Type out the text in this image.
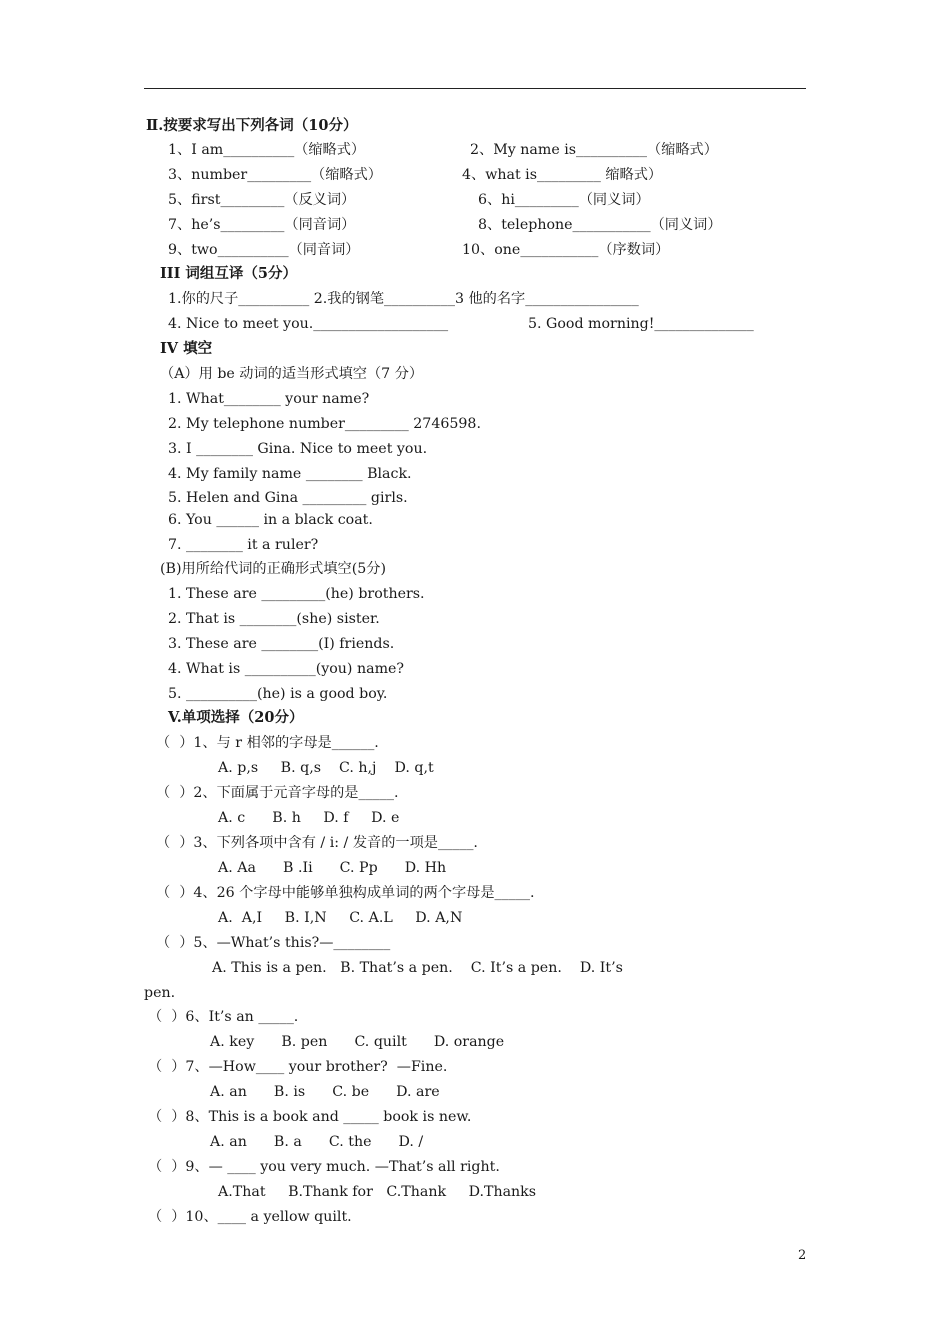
Ⅱ.按要求写出下列各词（10分）
1、I am__________（缩略式）	2、My name is__________（缩略式）
3、number_________（缩略式）	4、what is_________ 缩略式）
5、first_________（反义词）	6、hi_________（同义词）
7、he’s_________（同音词）	8、telephone___________（同义词）
9、two__________（同音词）	10、one___________（序数词）
III 词组互译（5分）
1.你的尺子__________ 2.我的钢笔__________3 他的名字________________
4. Nice to meet you.___________________	5. Good morning!______________
IV 填空
（A）用 be 动词的适当形式填空（7 分）
1. What________ your name?
2. My telephone number_________ 2746598.
3. I ________ Gina. Nice to meet you.
4. My family name ________ Black.
5. Helen and Gina _________ girls.
6. You ______ in a black coat.
7. ________ it a ruler?
(B)用所给代词的正确形式填空(5分)
1. These are _________(he) brothers.
2. That is ________(she) sister.
3. These are ________(I) friends.
4. What is __________(you) name?
5. __________(he) is a good boy.
V.单项选择（20分）
（  ）1、与 r 相邻的字母是______.
A. p,s     B. q,s    C. h,j    D. q,t
（  ）2、下面属于元音字母的是_____.
A. c      B. h     D. f     D. e
（  ）3、下列各项中含有 / i: / 发音的一项是_____.
A. Aa      B .Ii      C. Pp      D. Hh
（  ）4、26 个字母中能够单独构成单词的两个字母是_____.
A.  A,I     B. I,N     C. A.L     D. A,N
（  ）5、—What’s this?—________
A. This is a pen.   B. That’s a pen.    C. It’s a pen.    D. It’s
pen.
（  ）6、It’s an _____.
A. key      B. pen      C. quilt      D. orange
（  ）7、—How____ your brother?  —Fine.
A. an      B. is      C. be      D. are
（  ）8、This is a book and _____ book is new.
A. an      B. a      C. the      D. /
（  ）9、— ____ you very much. —That’s all right.
A.That     B.Thank for   C.Thank     D.Thanks
（  ）10、____ a yellow quilt.
2
